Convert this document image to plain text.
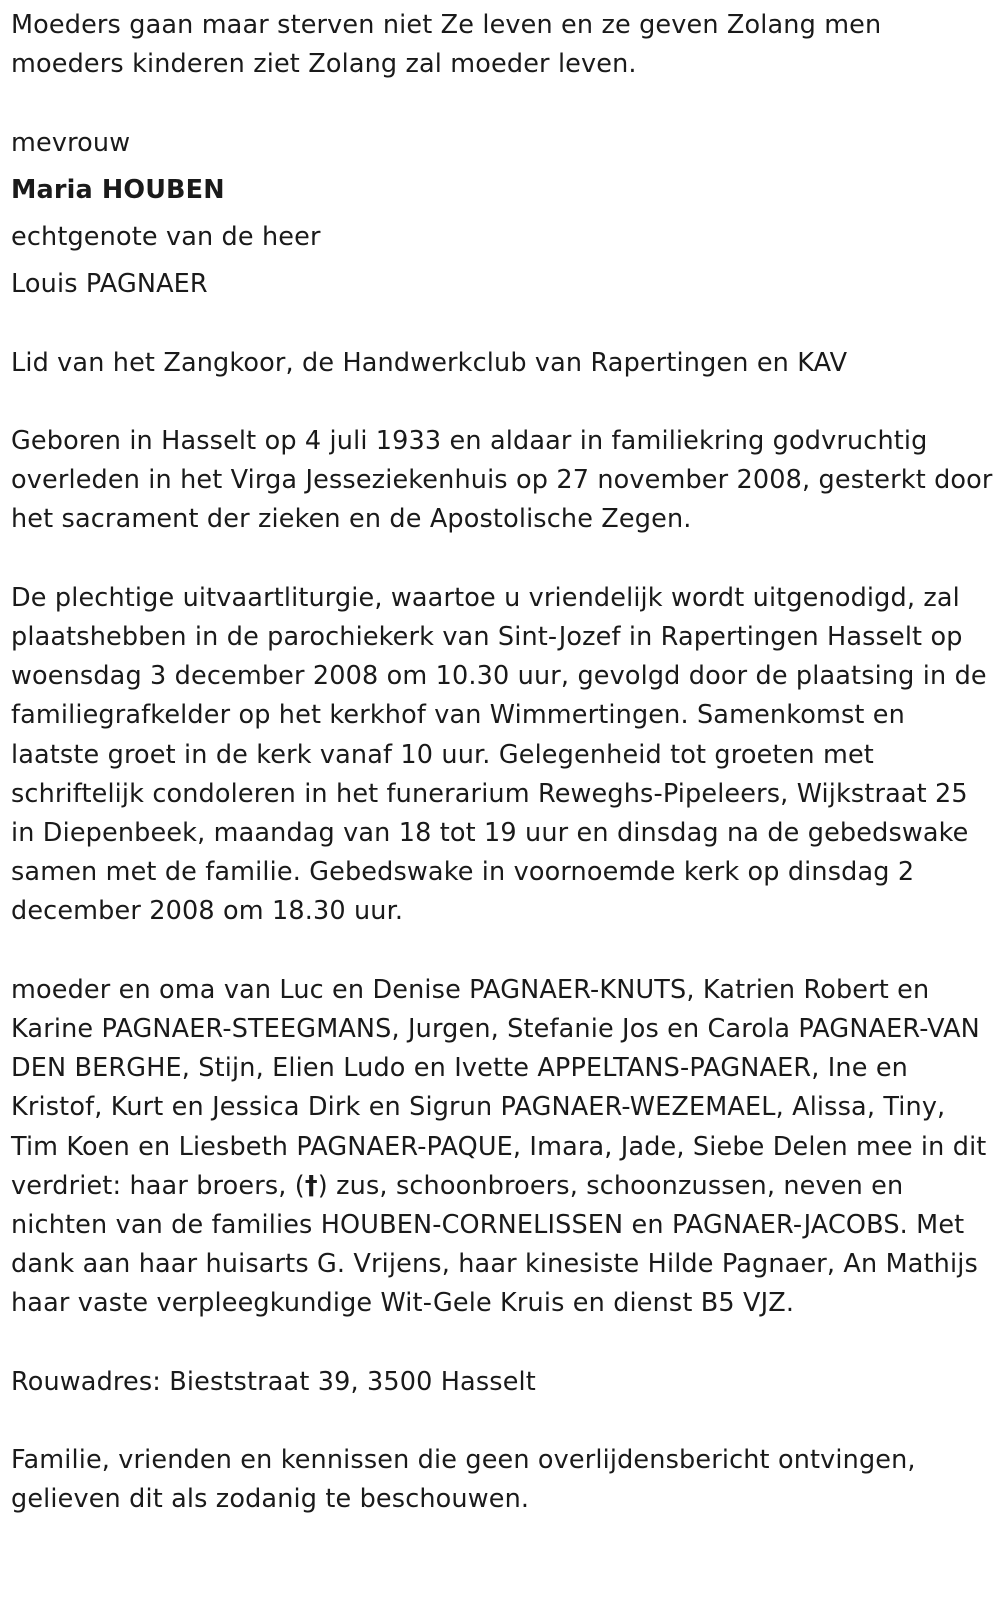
Moeders gaan maar sterven niet Ze leven en ze geven Zolang men moeders kinderen ziet Zolang zal moeder leven.

mevrouw

Maria HOUBEN

echtgenote van de heer

Louis PAGNAER

Lid van het Zangkoor, de Handwerkclub van Rapertingen en KAV

Geboren in Hasselt op 4 juli 1933 en aldaar in familiekring godvruchtig overleden in het Virga Jesseziekenhuis op 27 november 2008, gesterkt door het sacrament der zieken en de Apostolische Zegen.

De plechtige uitvaartliturgie, waartoe u vriendelijk wordt uitgenodigd, zal plaatshebben in de parochiekerk van Sint-Jozef in Rapertingen Hasselt op woensdag 3 december 2008 om 10.30 uur, gevolgd door de plaatsing in de familiegrafkelder op het kerkhof van Wimmertingen. Samenkomst en laatste groet in de kerk vanaf 10 uur. Gelegenheid tot groeten met schriftelijk condoleren in het funerarium Reweghs-Pipeleers, Wijkstraat 25 in Diepenbeek, maandag van 18 tot 19 uur en dinsdag na de gebedswake samen met de familie. Gebedswake in voornoemde kerk op dinsdag 2 december 2008 om 18.30 uur.

moeder en oma van Luc en Denise PAGNAER-KNUTS, Katrien Robert en Karine PAGNAER-STEEGMANS, Jurgen, Stefanie Jos en Carola PAGNAER-VAN DEN BERGHE, Stijn, Elien Ludo en Ivette APPELTANS-PAGNAER, Ine en Kristof, Kurt en Jessica Dirk en Sigrun PAGNAER-WEZEMAEL, Alissa, Tiny, Tim Koen en Liesbeth PAGNAER-PAQUE, Imara, Jade, Siebe Delen mee in dit verdriet: haar broers, (†) zus, schoonbroers, schoonzussen, neven en nichten van de families HOUBEN-CORNELISSEN en PAGNAER-JACOBS. Met dank aan haar huisarts G. Vrijens, haar kinesiste Hilde Pagnaer, An Mathijs haar vaste verpleegkundige Wit-Gele Kruis en dienst B5 VJZ.

Rouwadres: Bieststraat 39, 3500 Hasselt

Familie, vrienden en kennissen die geen overlijdensbericht ontvingen, gelieven dit als zodanig te beschouwen.
